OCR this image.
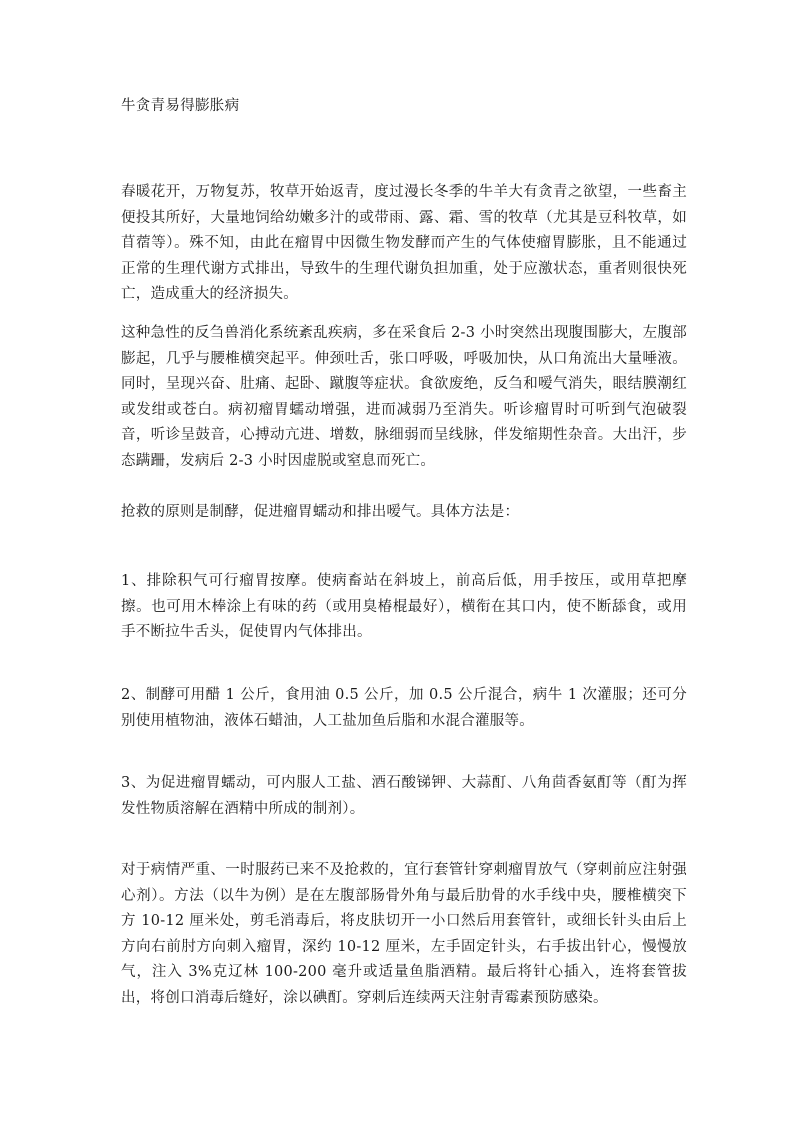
牛贪青易得膨胀病

春暖花开，万物复苏，牧草开始返青，度过漫长冬季的牛羊大有贪青之欲望，一些畜主便投其所好，大量地饲给幼嫩多汁的或带雨、露、霜、雪的牧草（尤其是豆科牧草，如苜蓿等）。殊不知，由此在瘤胃中因微生物发酵而产生的气体使瘤胃膨胀，且不能通过正常的生理代谢方式排出，导致牛的生理代谢负担加重，处于应激状态，重者则很快死亡，造成重大的经济损失。

这种急性的反刍兽消化系统紊乱疾病，多在采食后 2-3 小时突然出现腹围膨大，左腹部膨起，几乎与腰椎横突起平。伸颈吐舌，张口呼吸，呼吸加快，从口角流出大量唾液。同时，呈现兴奋、肚痛、起卧、蹴腹等症状。食欲废绝，反刍和嗳气消失，眼结膜潮红或发绀或苍白。病初瘤胃蠕动增强，进而减弱乃至消失。听诊瘤胃时可听到气泡破裂音，听诊呈鼓音，心搏动亢进、增数，脉细弱而呈线脉，伴发缩期性杂音。大出汗，步态蹒跚，发病后 2-3 小时因虚脱或窒息而死亡。

抢救的原则是制酵，促进瘤胃蠕动和排出嗳气。具体方法是：

1、排除积气可行瘤胃按摩。使病畜站在斜坡上，前高后低，用手按压，或用草把摩擦。也可用木棒涂上有味的药（或用臭椿棍最好），横衔在其口内，使不断舔食，或用手不断拉牛舌头，促使胃内气体排出。

2、制酵可用醋 1 公斤，食用油 0.5 公斤，加 0.5 公斤混合，病牛 1 次灌服；还可分别使用植物油，液体石蜡油，人工盐加鱼后脂和水混合灌服等。

3、为促进瘤胃蠕动，可内服人工盐、酒石酸锑钾、大蒜酊、八角茴香氨酊等（酊为挥发性物质溶解在酒精中所成的制剂）。

对于病情严重、一时服药已来不及抢救的，宜行套管针穿刺瘤胃放气（穿刺前应注射强心剂）。方法（以牛为例）是在左腹部肠骨外角与最后肋骨的水手线中央，腰椎横突下方 10-12 厘米处，剪毛消毒后，将皮肤切开一小口然后用套管针，或细长针头由后上方向右前肘方向刺入瘤胃，深约 10-12 厘米，左手固定针头，右手拔出针心，慢慢放气，注入 3%克辽林 100-200 毫升或适量鱼脂酒精。最后将针心插入，连将套管拔出，将创口消毒后缝好，涂以碘酊。穿刺后连续两天注射青霉素预防感染。
